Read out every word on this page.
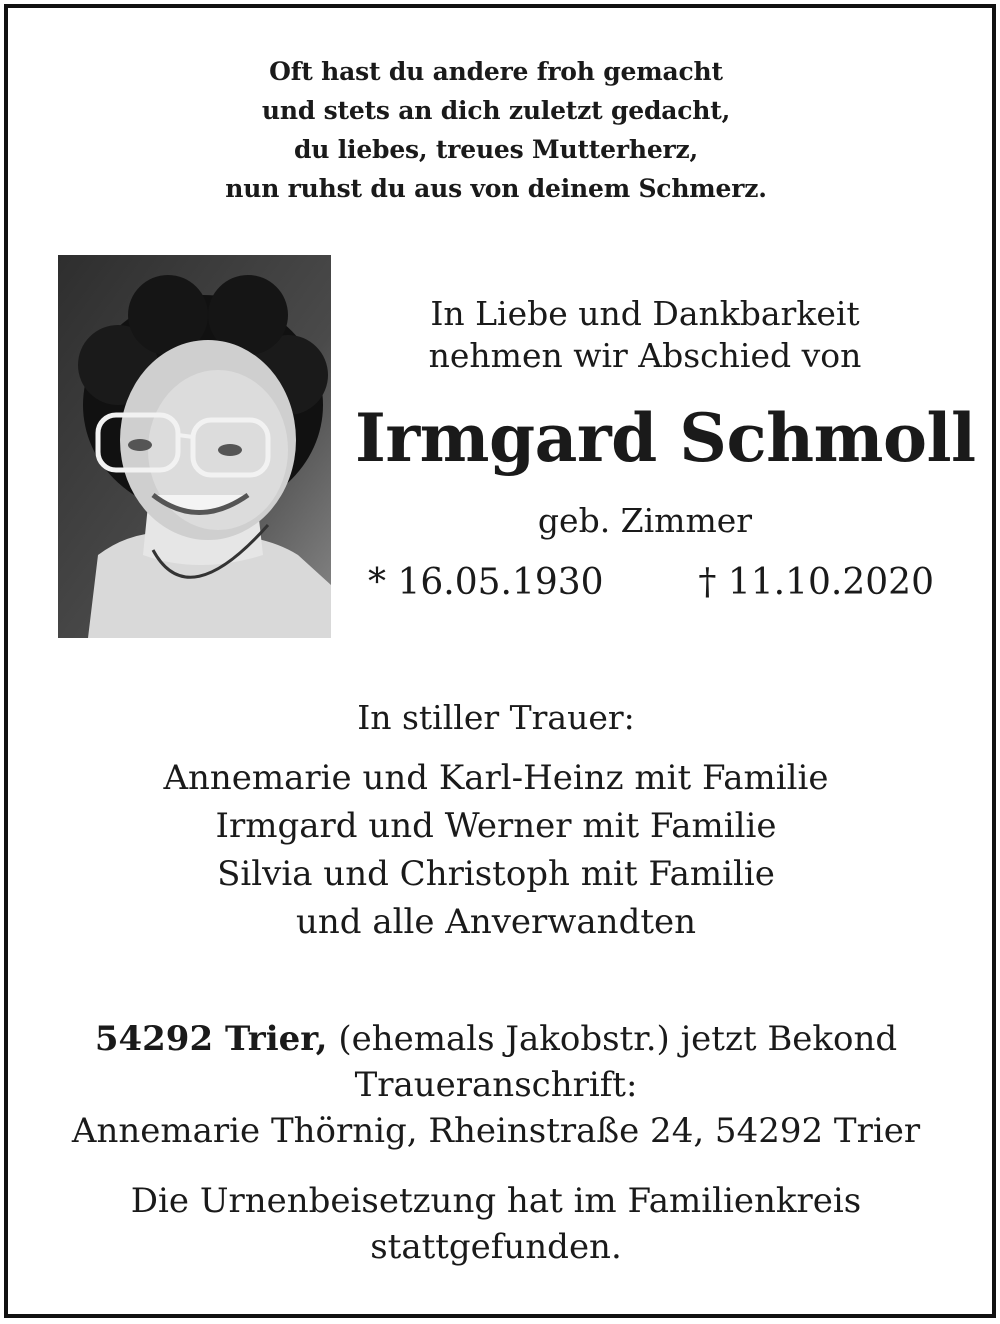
Oft hast du andere froh gemacht
und stets an dich zuletzt gedacht,
du liebes, treues Mutterherz,
nun ruhst du aus von deinem Schmerz.
In Liebe und Dankbarkeit
nehmen wir Abschied von
Irmgard Schmoll
geb. Zimmer
* 16.05.1930	† 11.10.2020
In stiller Trauer:
Annemarie und Karl-Heinz mit Familie
Irmgard und Werner mit Familie
Silvia und Christoph mit Familie
und alle Anverwandten
54292 Trier, (ehemals Jakobstr.) jetzt Bekond
Traueranschrift:
Annemarie Thörnig, Rheinstraße 24, 54292 Trier
Die Urnenbeisetzung hat im Familienkreis
stattgefunden.
